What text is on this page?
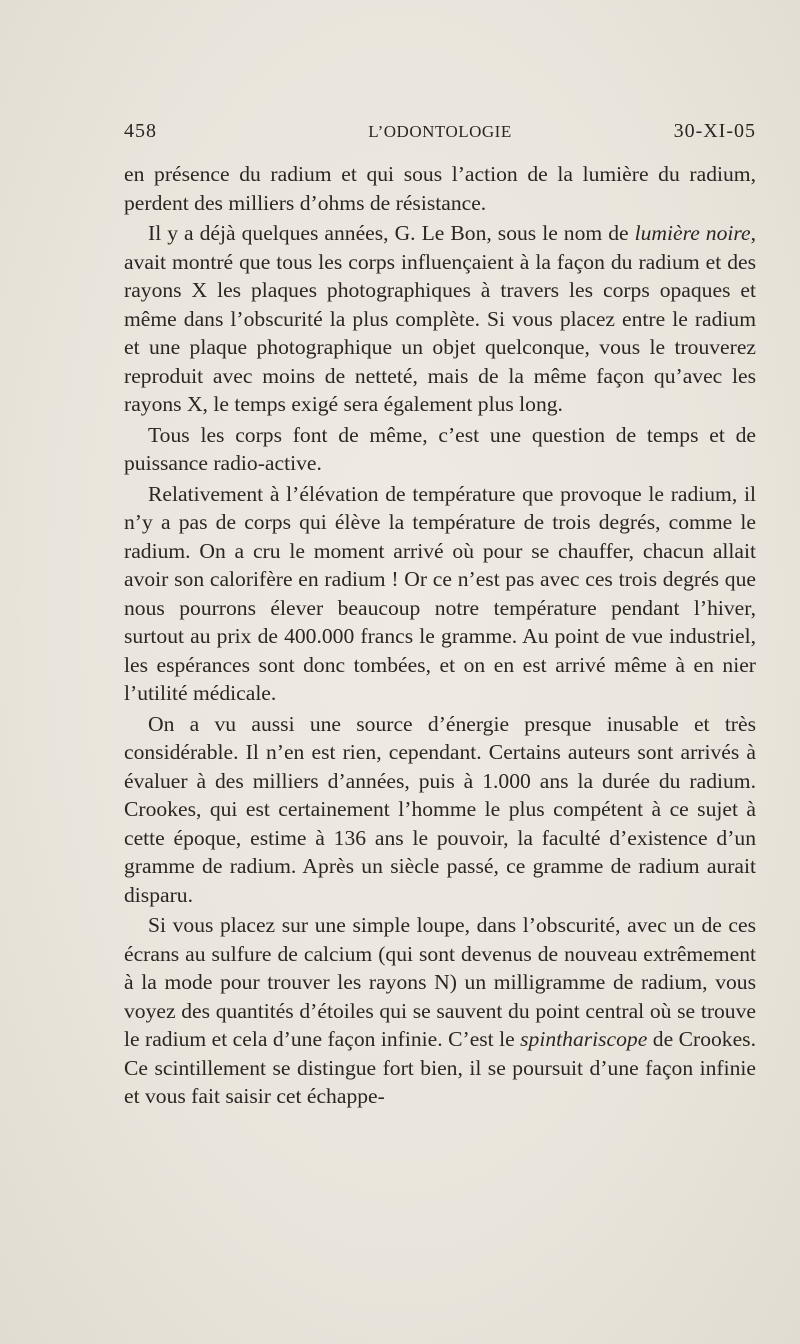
458	L’ODONTOLOGIE	30-XI-05

en présence du radium et qui sous l’action de la lumière du radium, perdent des milliers d’ohms de résistance.

Il y a déjà quelques années, G. Le Bon, sous le nom de lumière noire, avait montré que tous les corps influençaient à la façon du radium et des rayons X les plaques photographiques à travers les corps opaques et même dans l’obscurité la plus complète. Si vous placez entre le radium et une plaque photographique un objet quelconque, vous le trouverez reproduit avec moins de netteté, mais de la même façon qu’avec les rayons X, le temps exigé sera également plus long.

Tous les corps font de même, c’est une question de temps et de puissance radio-active.

Relativement à l’élévation de température que provoque le radium, il n’y a pas de corps qui élève la température de trois degrés, comme le radium. On a cru le moment arrivé où pour se chauffer, chacun allait avoir son calorifère en radium ! Or ce n’est pas avec ces trois degrés que nous pourrons élever beaucoup notre température pendant l’hiver, surtout au prix de 400.000 francs le gramme. Au point de vue industriel, les espérances sont donc tombées, et on en est arrivé même à en nier l’utilité médicale.

On a vu aussi une source d’énergie presque inusable et très considérable. Il n’en est rien, cependant. Certains auteurs sont arrivés à évaluer à des milliers d’années, puis à 1.000 ans la durée du radium. Crookes, qui est certainement l’homme le plus compétent à ce sujet à cette époque, estime à 136 ans le pouvoir, la faculté d’existence d’un gramme de radium. Après un siècle passé, ce gramme de radium aurait disparu.

Si vous placez sur une simple loupe, dans l’obscurité, avec un de ces écrans au sulfure de calcium (qui sont devenus de nouveau extrêmement à la mode pour trouver les rayons N) un milligramme de radium, vous voyez des quantités d’étoiles qui se sauvent du point central où se trouve le radium et cela d’une façon infinie. C’est le spinthariscope de Crookes. Ce scintillement se distingue fort bien, il se poursuit d’une façon infinie et vous fait saisir cet échappe-
